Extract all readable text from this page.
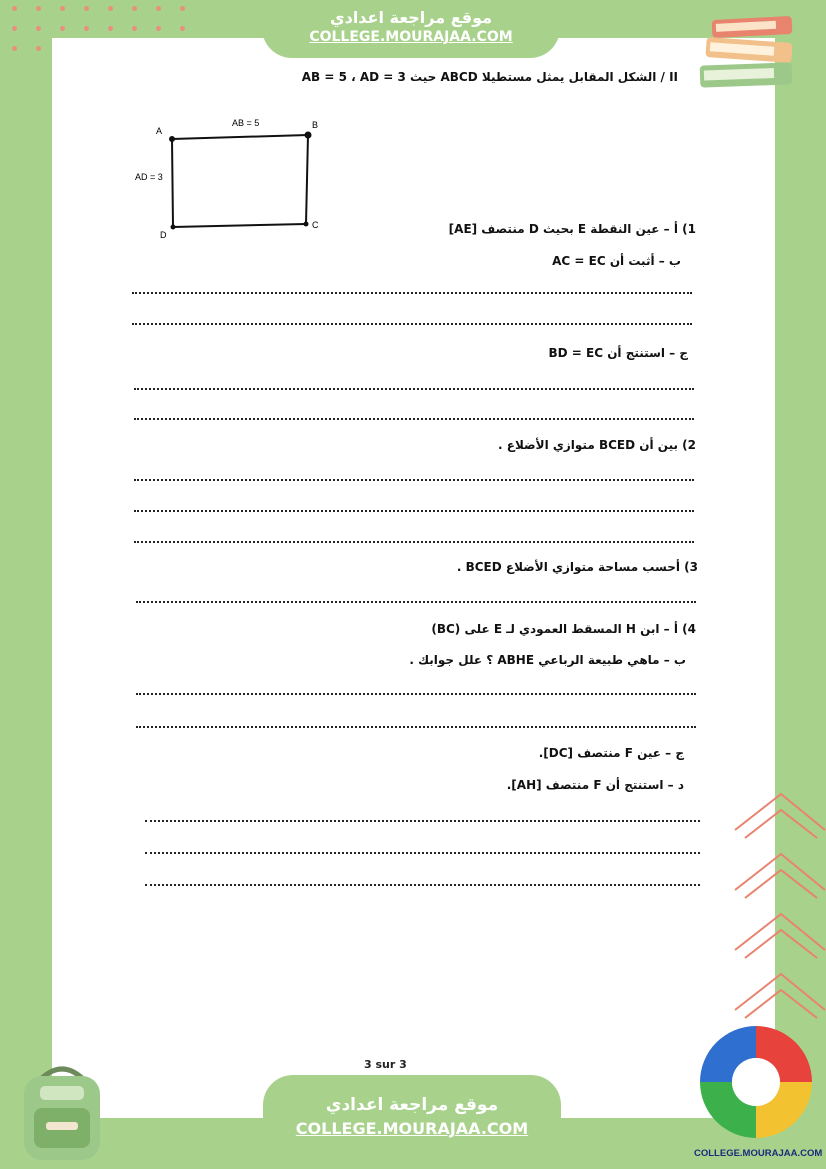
موقع مراجعة اعدادي
COLLEGE.MOURAJAA.COM
II / الشكل المقابل يمثل مستطيلا ABCD حيث AB = 5 ، AD = 3
A
B
C
D
AB = 5
AD = 3
1) أ – عين النقطة E بحيث D منتصف [AE]
ب – أثبت أن AC = EC
ج – استنتج أن BD = EC
2) بين أن BCED متوازي الأضلاع .
3) أحسب مساحة متوازي الأضلاع BCED .
4) أ – ابن H المسقط العمودي لـ E على (BC)
ب – ماهي طبيعة الرباعي ABHE ؟ علل جوابك .
ج – عين F منتصف [DC].
د – استنتج أن F منتصف [AH].
3 sur 3
موقع مراجعة اعدادي
COLLEGE.MOURAJAA.COM
COLLEGE.MOURAJAA.COM
